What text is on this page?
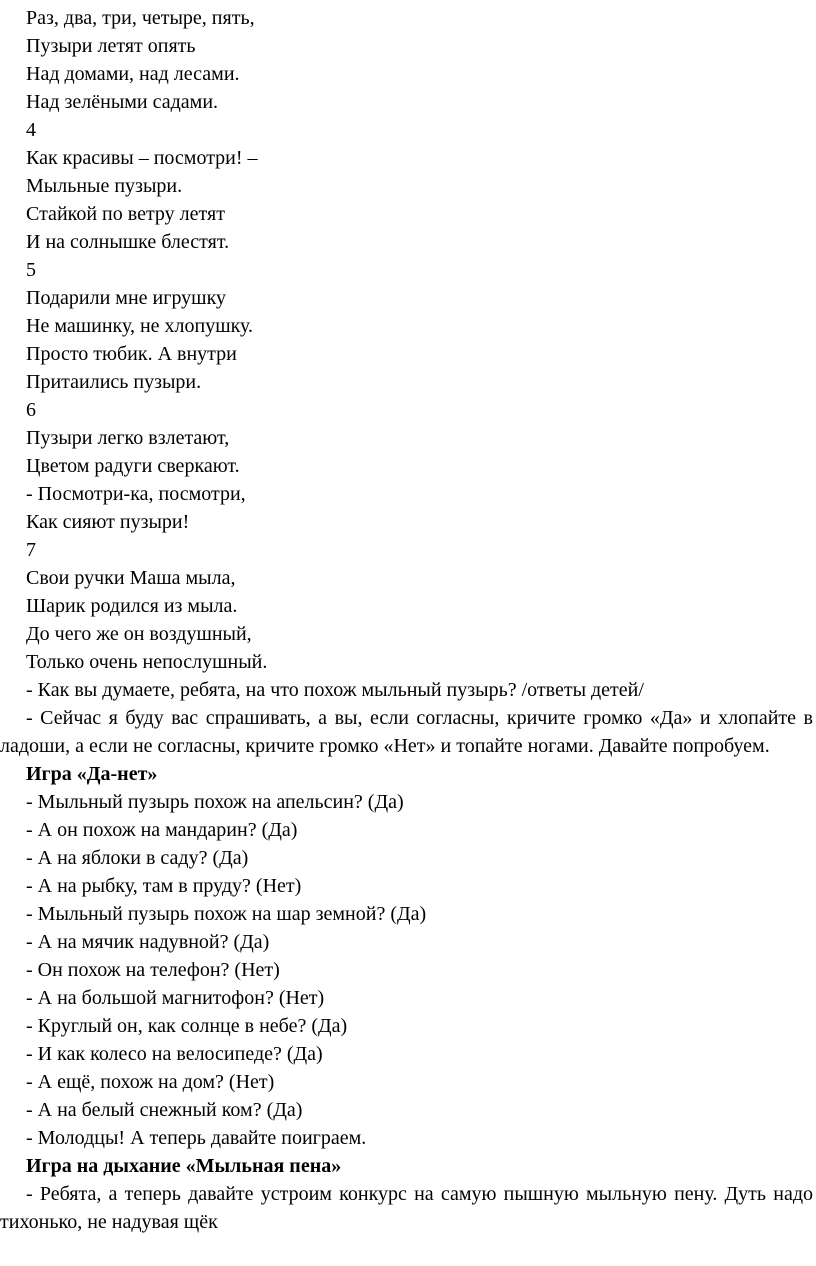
Раз, два, три, четыре, пять,
Пузыри летят опять
Над домами, над лесами.
Над зелёными садами.
4
Как красивы – посмотри! –
Мыльные пузыри.
Стайкой по ветру летят
И на солнышке блестят.
5
Подарили мне игрушку
Не машинку, не хлопушку.
Просто тюбик. А внутри
Притаились пузыри.
6
Пузыри легко взлетают,
Цветом радуги сверкают.
- Посмотри-ка, посмотри,
Как сияют пузыри!
7
Свои ручки Маша мыла,
Шарик родился из мыла.
До чего же он воздушный,
Только очень непослушный.
- Как вы думаете, ребята, на что похож мыльный пузырь? /ответы детей/

- Сейчас я буду вас спрашивать, а вы, если согласны, кричите громко «Да» и хлопайте в ладоши, а если не согласны, кричите громко «Нет» и топайте ногами. Давайте попробуем.

Игра «Да-нет»
- Мыльный пузырь похож на апельсин? (Да)
- А он похож на мандарин? (Да)
- А на яблоки в саду? (Да)
- А на рыбку, там в пруду? (Нет)
- Мыльный пузырь похож на шар земной? (Да)
- А на мячик надувной? (Да)
- Он похож на телефон? (Нет)
- А на большой магнитофон? (Нет)
- Круглый он, как солнце в небе? (Да)
- И как колесо на велосипеде? (Да)
- А ещё, похож на дом? (Нет)
- А на белый снежный ком? (Да)
- Молодцы! А теперь давайте поиграем.
Игра на дыхание «Мыльная пена»

- Ребята, а теперь давайте устроим конкурс на самую пышную мыльную пену. Дуть надо тихонько, не надувая щёк
